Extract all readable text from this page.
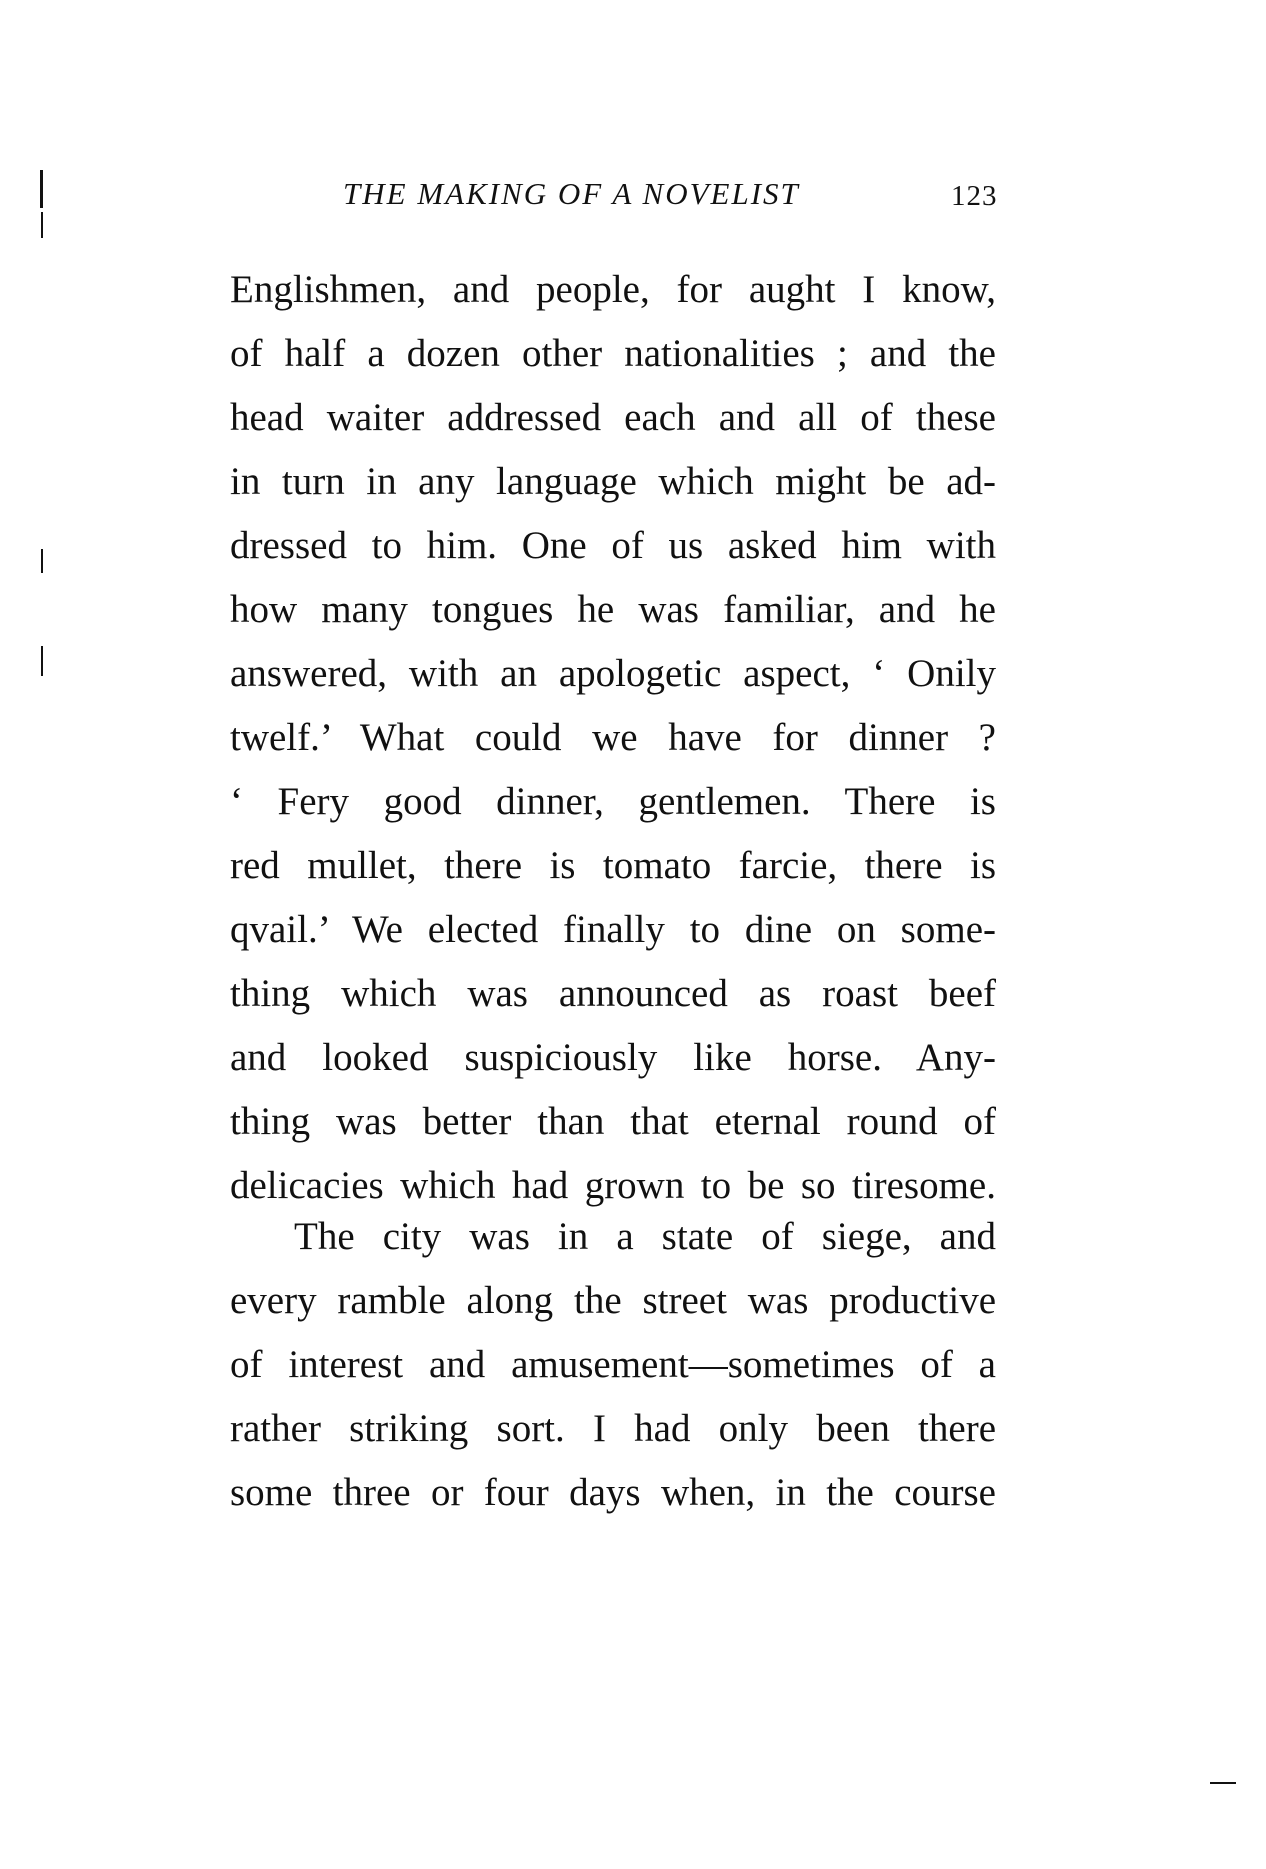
THE MAKING OF A NOVELIST	123
Englishmen, and people, for aught I know,
of half a dozen other nationalities ; and the
head waiter addressed each and all of these
in turn in any language which might be ad-
dressed to him. One of us asked him with
how many tongues he was familiar, and he
answered, with an apologetic aspect, ‘ Onily
twelf.’ What could we have for dinner ?
‘ Fery good dinner, gentlemen. There is
red mullet, there is tomato farcie, there is
qvail.’ We elected finally to dine on some-
thing which was announced as roast beef
and looked suspiciously like horse. Any-
thing was better than that eternal round of
delicacies which had grown to be so tiresome.
The city was in a state of siege, and
every ramble along the street was productive
of interest and amusement—sometimes of a
rather striking sort. I had only been there
some three or four days when, in the course
